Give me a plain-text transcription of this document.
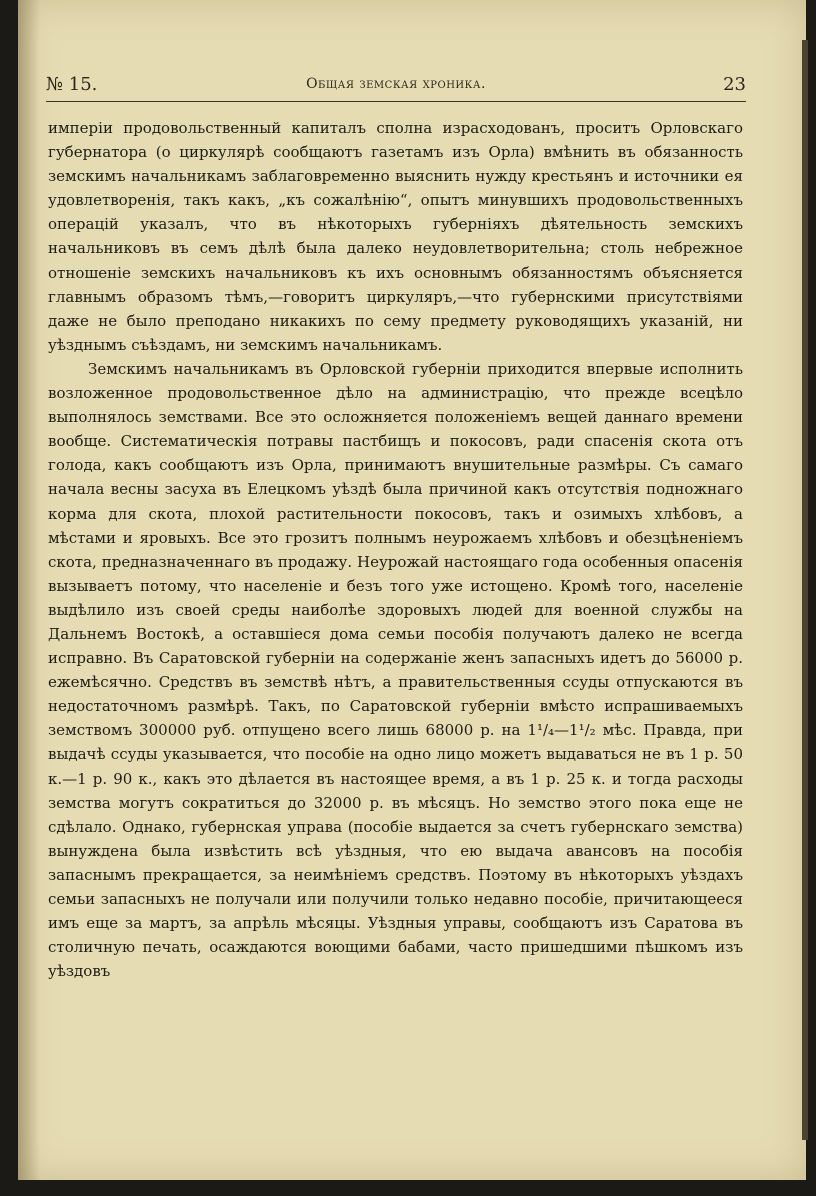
№ 15.	Общая земская хроника.	23

имперіи продовольственный капиталъ сполна израсходованъ, проситъ Орловскаго губернатора (о циркулярѣ сообщаютъ газетамъ изъ Орла) вмѣнить въ обязанность земскимъ начальникамъ заблаговременно выяснить нужду крестьянъ и источники ея удовлетворенія, такъ какъ, „къ сожалѣнію“, опытъ минувшихъ продовольственныхъ операцій указалъ, что въ нѣкоторыхъ губерніяхъ дѣятельность земскихъ начальниковъ въ семъ дѣлѣ была далеко неудовлетворительна; столь небрежное отношеніе земскихъ начальниковъ къ ихъ основнымъ обязанностямъ объясняется главнымъ образомъ тѣмъ,—говоритъ циркуляръ,—что губернскими присутствіями даже не было преподано никакихъ по сему предмету руководящихъ указаній, ни уѣзднымъ съѣздамъ, ни земскимъ начальникамъ.

Земскимъ начальникамъ въ Орловской губерніи приходится впервые исполнить возложенное продовольственное дѣло на администрацію, что прежде всецѣло выполнялось земствами. Все это осложняется положеніемъ вещей даннаго времени вообще. Систематическія потравы пастбищъ и покосовъ, ради спасенія скота отъ голода, какъ сообщаютъ изъ Орла, принимаютъ внушительные размѣры. Съ самаго начала весны засуха въ Елецкомъ уѣздѣ была причиной какъ отсутствія подножнаго корма для скота, плохой растительности покосовъ, такъ и озимыхъ хлѣбовъ, а мѣстами и яровыхъ. Все это грозитъ полнымъ неурожаемъ хлѣбовъ и обезцѣненіемъ скота, предназначеннаго въ продажу. Неурожай настоящаго года особенныя опасенія вызываетъ потому, что населеніе и безъ того уже истощено. Кромѣ того, населеніе выдѣлило изъ своей среды наиболѣе здоровыхъ людей для военной службы на Дальнемъ Востокѣ, а оставшіеся дома семьи пособія получаютъ далеко не всегда исправно. Въ Саратовской губерніи на содержаніе женъ запасныхъ идетъ до 56000 р. ежемѣсячно. Средствъ въ земствѣ нѣтъ, а правительственныя ссуды отпускаются въ недостаточномъ размѣрѣ. Такъ, по Саратовской губерніи вмѣсто испрашиваемыхъ земствомъ 300000 руб. отпущено всего лишь 68000 р. на 1¹/₄—1¹/₂ мѣс. Правда, при выдачѣ ссуды указывается, что пособіе на одно лицо можетъ выдаваться не въ 1 р. 50 к.—1 р. 90 к., какъ это дѣлается въ настоящее время, а въ 1 р. 25 к. и тогда расходы земства могутъ сократиться до 32000 р. въ мѣсяцъ. Но земство этого пока еще не сдѣлало. Однако, губернская управа (пособіе выдается за счетъ губернскаго земства) вынуждена была извѣстить всѣ уѣздныя, что ею выдача авансовъ на пособія запаснымъ прекращается, за неимѣніемъ средствъ. Поэтому въ нѣкоторыхъ уѣздахъ семьи запасныхъ не получали или получили только недавно пособіе, причитающееся имъ еще за мартъ, за апрѣль мѣсяцы. Уѣздныя управы, сообщаютъ изъ Саратова въ столичную печать, осаждаются воющими бабами, часто пришедшими пѣшкомъ изъ уѣздовъ
